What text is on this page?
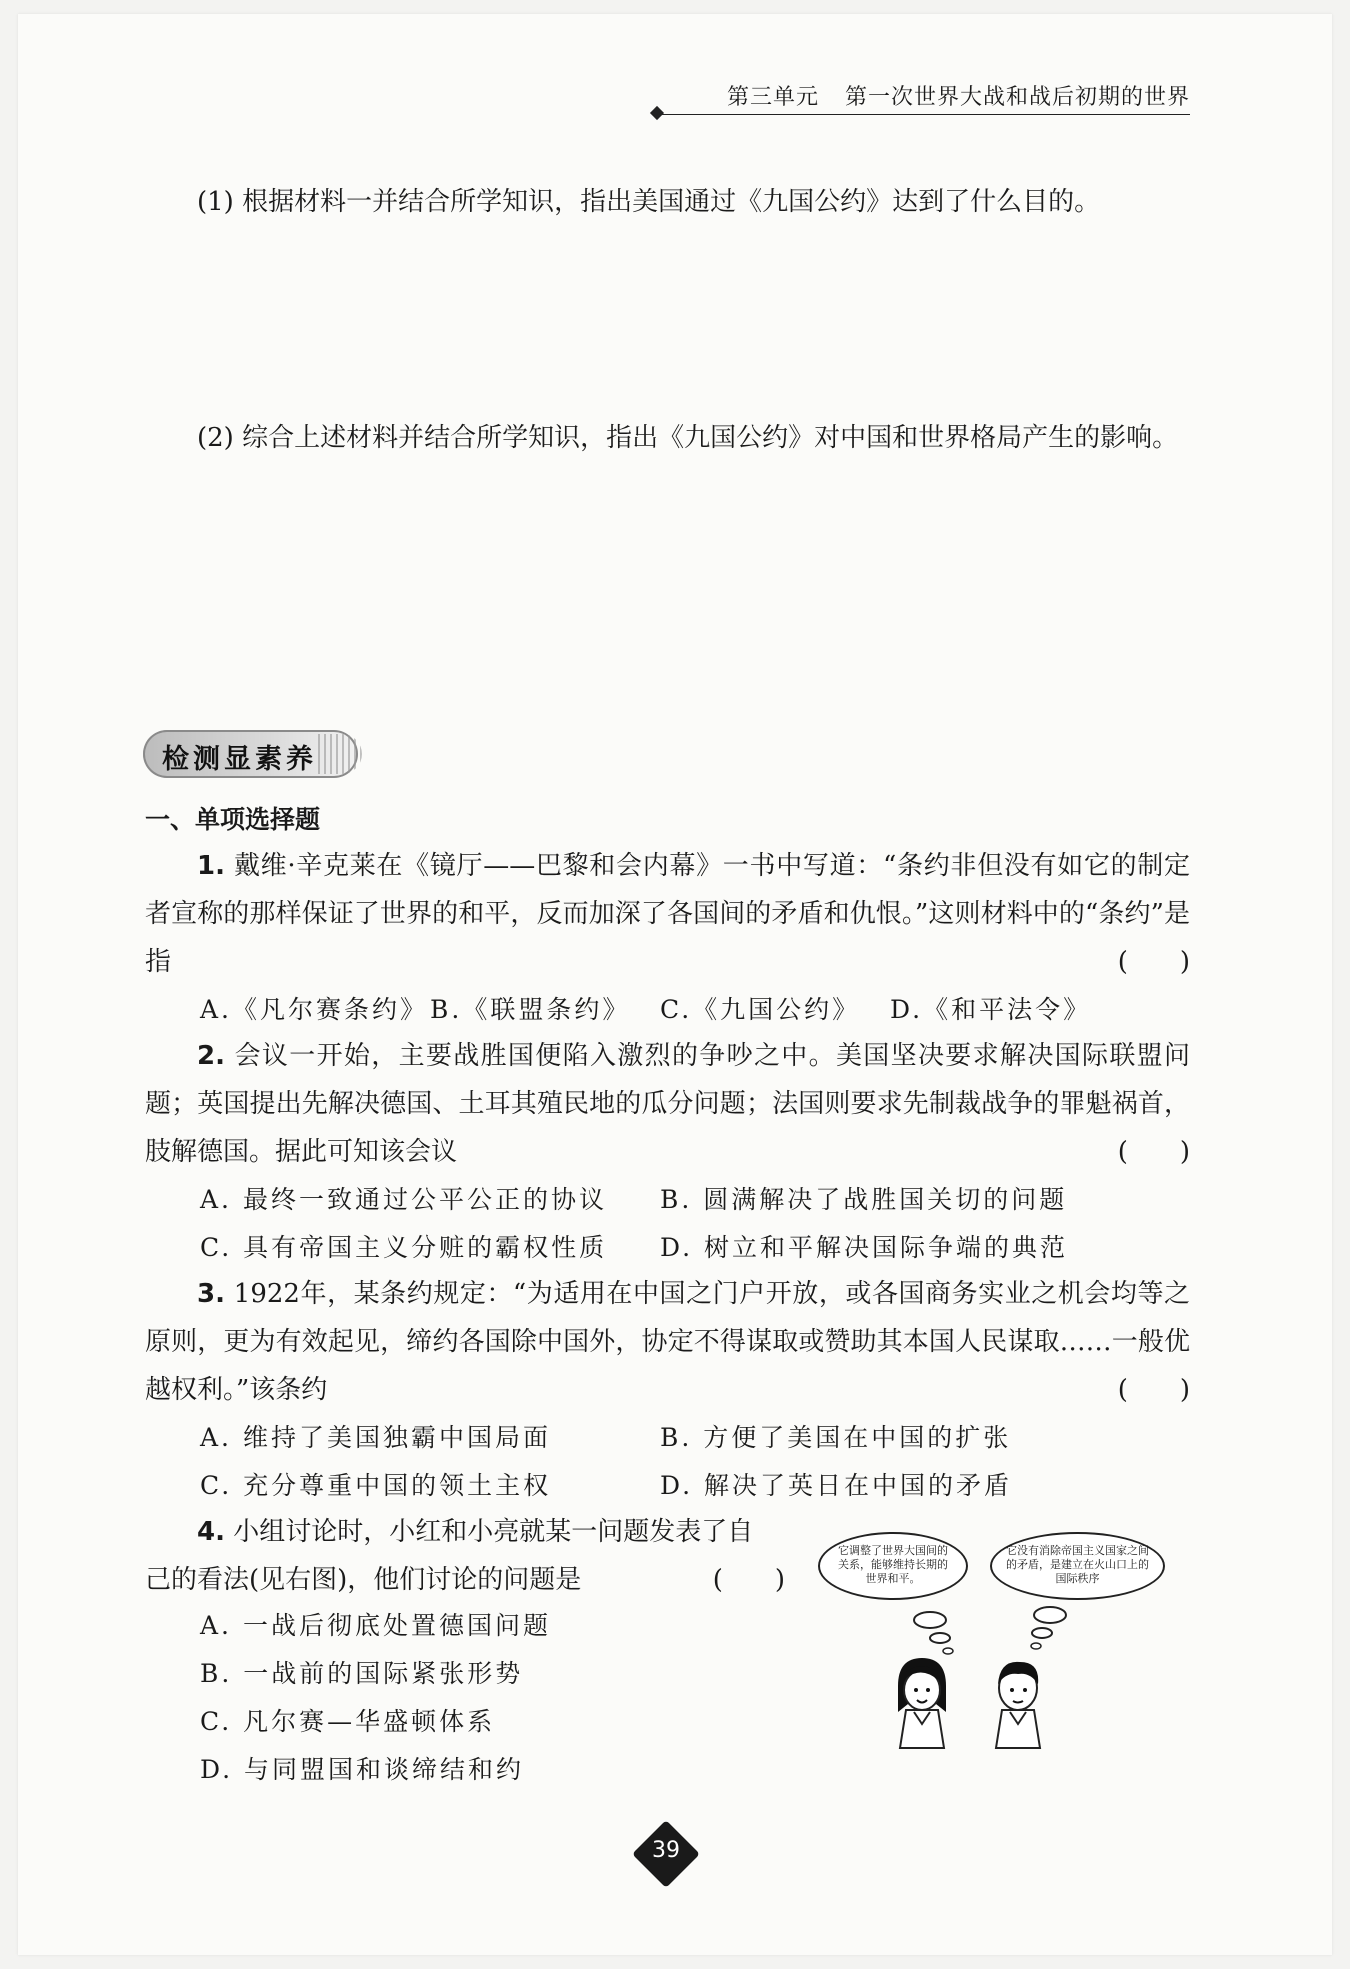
第三单元 第一次世界大战和战后初期的世界
(1) 根据材料一并结合所学知识，指出美国通过《九国公约》达到了什么目的。
(2) 综合上述材料并结合所学知识，指出《九国公约》对中国和世界格局产生的影响。
检测显素养
一、单项选择题
1. 戴维·辛克莱在《镜厅——巴黎和会内幕》一书中写道：“条约非但没有如它的制定者宣称的那样保证了世界的和平，反而加深了各国间的矛盾和仇恨。”这则材料中的“条约”是指	(　　)
A.《凡尔赛条约》 B.《联盟条约》 C.《九国公约》 D.《和平法令》
2. 会议一开始，主要战胜国便陷入激烈的争吵之中。美国坚决要求解决国际联盟问题；英国提出先解决德国、土耳其殖民地的瓜分问题；法国则要求先制裁战争的罪魁祸首，肢解德国。据此可知该会议	(　　)
A. 最终一致通过公平公正的协议 B. 圆满解决了战胜国关切的问题
C. 具有帝国主义分赃的霸权性质 D. 树立和平解决国际争端的典范
3. 1922年，某条约规定：“为适用在中国之门户开放，或各国商务实业之机会均等之原则，更为有效起见，缔约各国除中国外，协定不得谋取或赞助其本国人民谋取……一般优越权利。”该条约	(　　)
A. 维持了美国独霸中国局面	B. 方便了美国在中国的扩张
C. 充分尊重中国的领土主权	D. 解决了英日在中国的矛盾
4. 小组讨论时，小红和小亮就某一问题发表了自
己的看法(见右图)，他们讨论的问题是	(　　)
A. 一战后彻底处置德国问题
B. 一战前的国际紧张形势
C. 凡尔赛—华盛顿体系
D. 与同盟国和谈缔结和约
它调整了世界大国间的关系，能够维持长期的世界和平。
它没有消除帝国主义国家之间的矛盾，是建立在火山口上的国际秩序
39
